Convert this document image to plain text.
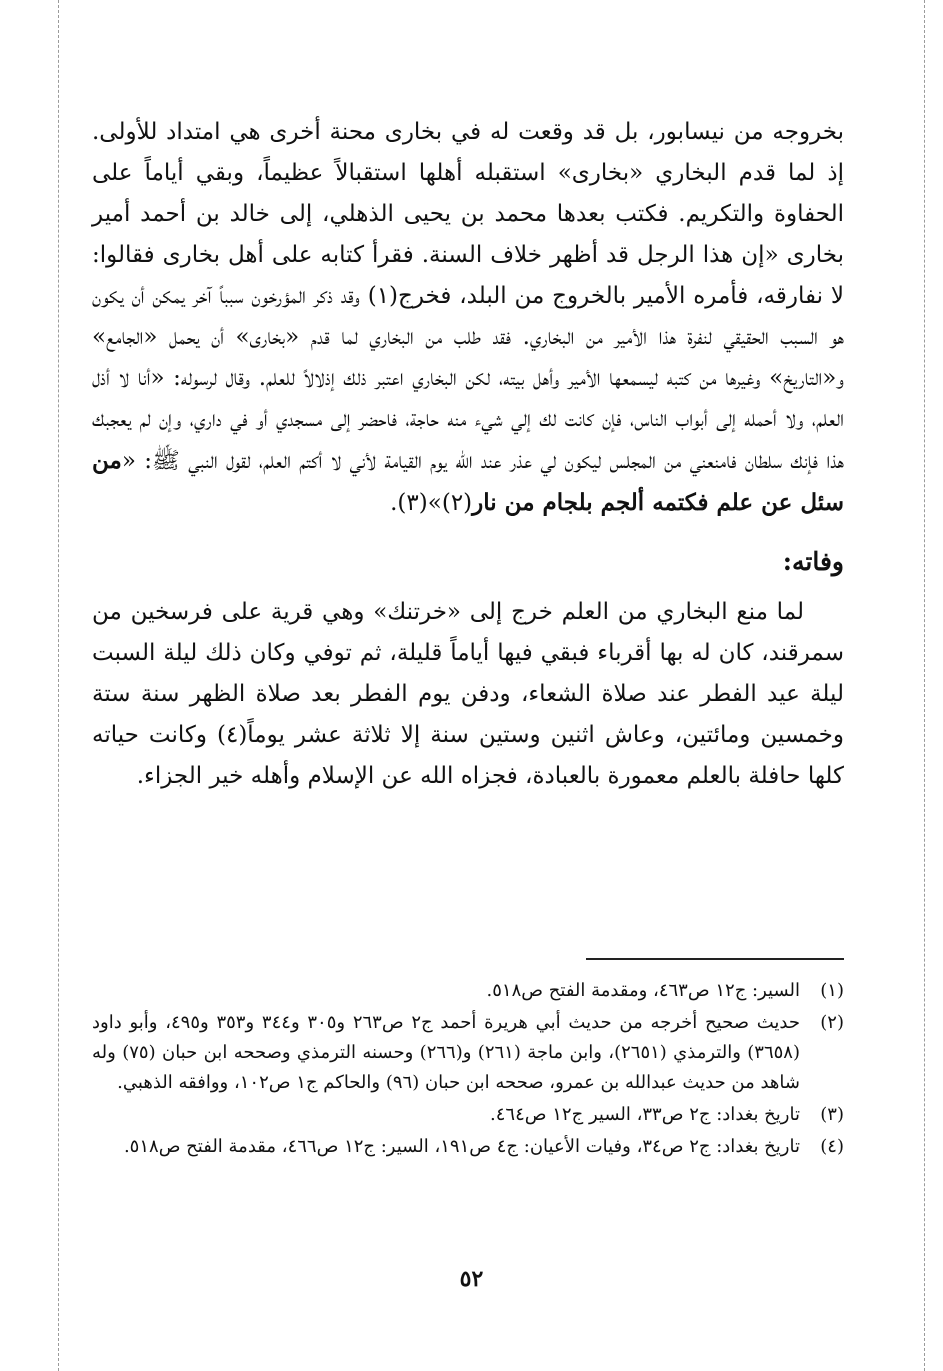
بخروجه من نيسابور، بل قد وقعت له في بخارى محنة أخرى هي امتداد للأولى. إذ لما قدم البخاري «بخارى» استقبله أهلها استقبالاً عظيماً، وبقي أياماً على الحفاوة والتكريم. فكتب بعدها محمد بن يحيى الذهلي، إلى خالد بن أحمد أمير بخارى «إن هذا الرجل قد أظهر خلاف السنة. فقرأ كتابه على أهل بخارى فقالوا: لا نفارقه، فأمره الأمير بالخروج من البلد، فخرج(١) وقد ذكر المؤرخون سبباً آخر يمكن أن يكون هو السبب الحقيقي لنفرة هذا الأمير من البخاري. فقد طلب من البخاري لما قدم «بخارى» أن يحمل «الجامع» و«التاريخ» وغيرها من كتبه ليسمعها الأمير وأهل بيته، لكن البخاري اعتبر ذلك إذلالاً للعلم. وقال لرسوله: «أنا لا أذل العلم، ولا أحمله إلى أبواب الناس، فإن كانت لك إلي شيء منه حاجة، فاحضر إلى مسجدي أو في داري، وإن لم يعجبك هذا فإنك سلطان فامنعني من المجلس ليكون لي عذر عند الله يوم القيامة لأني لا أكتم العلم، لقول النبي ﷺ: «من سئل عن علم فكتمه ألجم بلجام من نار(٢)»(٣).

وفاته:

لما منع البخاري من العلم خرج إلى «خرتنك» وهي قرية على فرسخين من سمرقند، كان له بها أقرباء فبقي فيها أياماً قليلة، ثم توفي وكان ذلك ليلة السبت ليلة عيد الفطر عند صلاة الشعاء، ودفن يوم الفطر بعد صلاة الظهر سنة ستة وخمسين ومائتين، وعاش اثنين وستين سنة إلا ثلاثة عشر يوماً(٤) وكانت حياته كلها حافلة بالعلم معمورة بالعبادة، فجزاه الله عن الإسلام وأهله خير الجزاء.

(١)
السير: ج١٢ ص٤٦٣، ومقدمة الفتح ص٥١٨.
(٢)
حديث صحيح أخرجه من حديث أبي هريرة أحمد ج٢ ص٢٦٣ و٣٠٥ و٣٤٤ و٣٥٣ و٤٩٥، وأبو داود (٣٦٥٨) والترمذي (٢٦٥١)، وابن ماجة (٢٦١) و(٢٦٦) وحسنه الترمذي وصححه ابن حبان (٧٥) وله شاهد من حديث عبدالله بن عمرو، صححه ابن حبان (٩٦) والحاكم ج١ ص١٠٢، ووافقه الذهبي.
(٣)
تاريخ بغداد: ج٢ ص٣٣، السير ج١٢ ص٤٦٤.
(٤)
تاريخ بغداد: ج٢ ص٣٤، وفيات الأعيان: ج٤ ص١٩١، السير: ج١٢ ص٤٦٦، مقدمة الفتح ص٥١٨.
٥٢
